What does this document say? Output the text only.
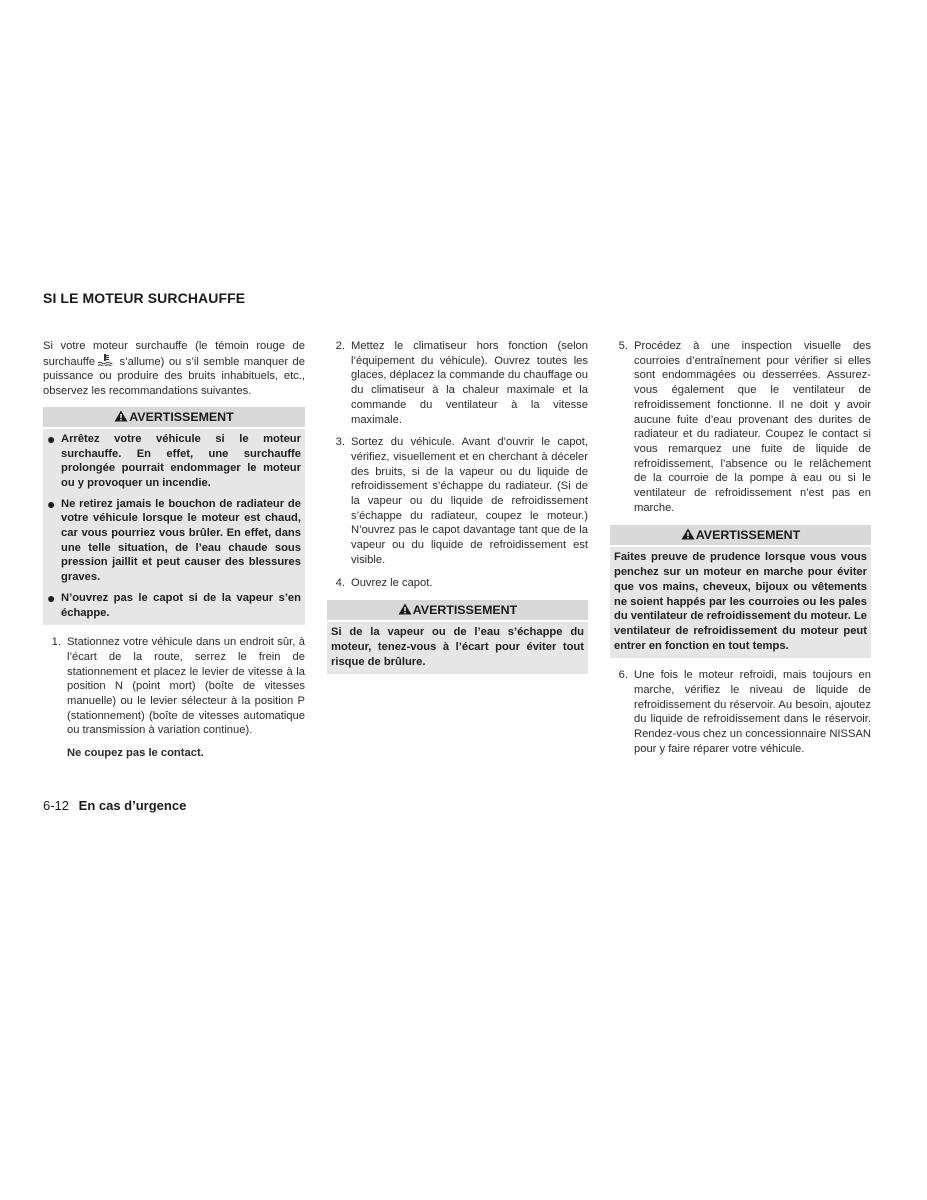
SI LE MOTEUR SURCHAUFFE

Si votre moteur surchauffe (le témoin rouge de surchauffe s’allume) ou s’il semble manquer de puissance ou produire des bruits inhabituels, etc., observez les recommandations suivantes.

AVERTISSEMENT
● Arrêtez votre véhicule si le moteur surchauffe. En effet, une surchauffe prolongée pourrait endommager le moteur ou y provoquer un incendie.

● Ne retirez jamais le bouchon de radiateur de votre véhicule lorsque le moteur est chaud, car vous pourriez vous brûler. En effet, dans une telle situation, de l’eau chaude sous pression jaillit et peut causer des blessures graves.

● N’ouvrez pas le capot si de la vapeur s’en échappe.

1. Stationnez votre véhicule dans un endroit sûr, à l’écart de la route, serrez le frein de stationnement et placez le levier de vitesse à la position N (point mort) (boîte de vitesses manuelle) ou le levier sélecteur à la position P (stationnement) (boîte de vitesses automatique ou transmission à variation continue).

Ne coupez pas le contact.
2. Mettez le climatiseur hors fonction (selon l’équipement du véhicule). Ouvrez toutes les glaces, déplacez la commande du chauffage ou du climatiseur à la chaleur maximale et la commande du ventilateur à la vitesse maximale.

3. Sortez du véhicule. Avant d’ouvrir le capot, vérifiez, visuellement et en cherchant à déceler des bruits, si de la vapeur ou du liquide de refroidissement s’échappe du radiateur. (Si de la vapeur ou du liquide de refroidissement s’échappe du radiateur, coupez le moteur.) N’ouvrez pas le capot davantage tant que de la vapeur ou du liquide de refroidissement est visible.

4. Ouvrez le capot.

AVERTISSEMENT
Si de la vapeur ou de l’eau s’échappe du moteur, tenez-vous à l’écart pour éviter tout risque de brûlure.
5. Procédez à une inspection visuelle des courroies d’entraînement pour vérifier si elles sont endommagées ou desserrées. Assurez-vous également que le ventilateur de refroidissement fonctionne. Il ne doit y avoir aucune fuite d’eau provenant des durites de radiateur et du radiateur. Coupez le contact si vous remarquez une fuite de liquide de refroidissement, l’absence ou le relâchement de la courroie de la pompe à eau ou si le ventilateur de refroidissement n’est pas en marche.

AVERTISSEMENT
Faites preuve de prudence lorsque vous vous penchez sur un moteur en marche pour éviter que vos mains, cheveux, bijoux ou vêtements ne soient happés par les courroies ou les pales du ventilateur de refroidissement du moteur. Le ventilateur de refroidissement du moteur peut entrer en fonction en tout temps.
6. Une fois le moteur refroidi, mais toujours en marche, vérifiez le niveau de liquide de refroidissement du réservoir. Au besoin, ajoutez du liquide de refroidissement dans le réservoir. Rendez-vous chez un concessionnaire NISSAN pour y faire réparer votre véhicule.

6-12 En cas d’urgence
